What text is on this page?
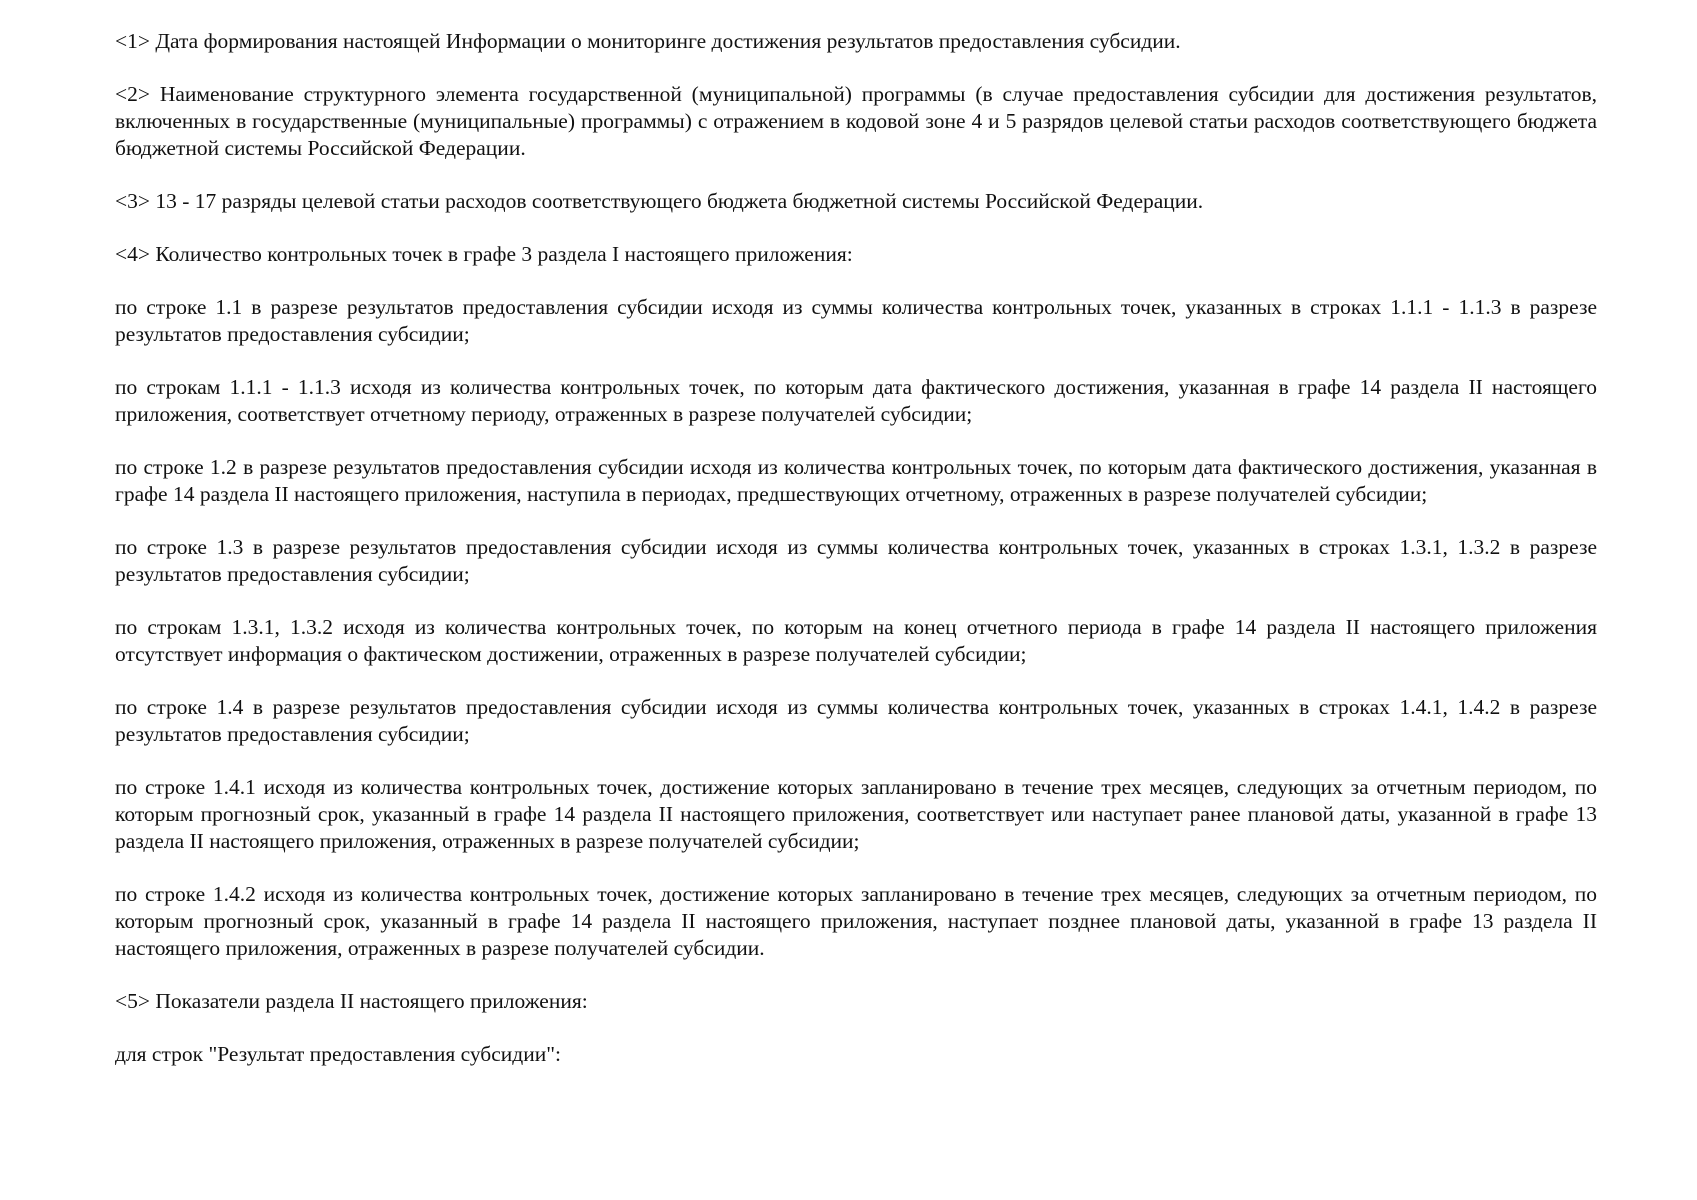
<1> Дата формирования настоящей Информации о мониторинге достижения результатов предоставления субсидии.

<2> Наименование структурного элемента государственной (муниципальной) программы (в случае предоставления субсидии для достижения результатов, включенных в государственные (муниципальные) программы) с отражением в кодовой зоне 4 и 5 разрядов целевой статьи расходов соответствующего бюджета бюджетной системы Российской Федерации.

<3> 13 - 17 разряды целевой статьи расходов соответствующего бюджета бюджетной системы Российской Федерации.

<4> Количество контрольных точек в графе 3 раздела I настоящего приложения:

по строке 1.1 в разрезе результатов предоставления субсидии исходя из суммы количества контрольных точек, указанных в строках 1.1.1 - 1.1.3 в разрезе результатов предоставления субсидии;

по строкам 1.1.1 - 1.1.3 исходя из количества контрольных точек, по которым дата фактического достижения, указанная в графе 14 раздела II настоящего приложения, соответствует отчетному периоду, отраженных в разрезе получателей субсидии;

по строке 1.2 в разрезе результатов предоставления субсидии исходя из количества контрольных точек, по которым дата фактического достижения, указанная в графе 14 раздела II настоящего приложения, наступила в периодах, предшествующих отчетному, отраженных в разрезе получателей субсидии;

по строке 1.3 в разрезе результатов предоставления субсидии исходя из суммы количества контрольных точек, указанных в строках 1.3.1, 1.3.2 в разрезе результатов предоставления субсидии;

по строкам 1.3.1, 1.3.2 исходя из количества контрольных точек, по которым на конец отчетного периода в графе 14 раздела II настоящего приложения отсутствует информация о фактическом достижении, отраженных в разрезе получателей субсидии;

по строке 1.4 в разрезе результатов предоставления субсидии исходя из суммы количества контрольных точек, указанных в строках 1.4.1, 1.4.2 в разрезе результатов предоставления субсидии;

по строке 1.4.1 исходя из количества контрольных точек, достижение которых запланировано в течение трех месяцев, следующих за отчетным периодом, по которым прогнозный срок, указанный в графе 14 раздела II настоящего приложения, соответствует или наступает ранее плановой даты, указанной в графе 13 раздела II настоящего приложения, отраженных в разрезе получателей субсидии;

по строке 1.4.2 исходя из количества контрольных точек, достижение которых запланировано в течение трех месяцев, следующих за отчетным периодом, по которым прогнозный срок, указанный в графе 14 раздела II настоящего приложения, наступает позднее плановой даты, указанной в графе 13 раздела II настоящего приложения, отраженных в разрезе получателей субсидии.

<5> Показатели раздела II настоящего приложения:

для строк "Результат предоставления субсидии":
